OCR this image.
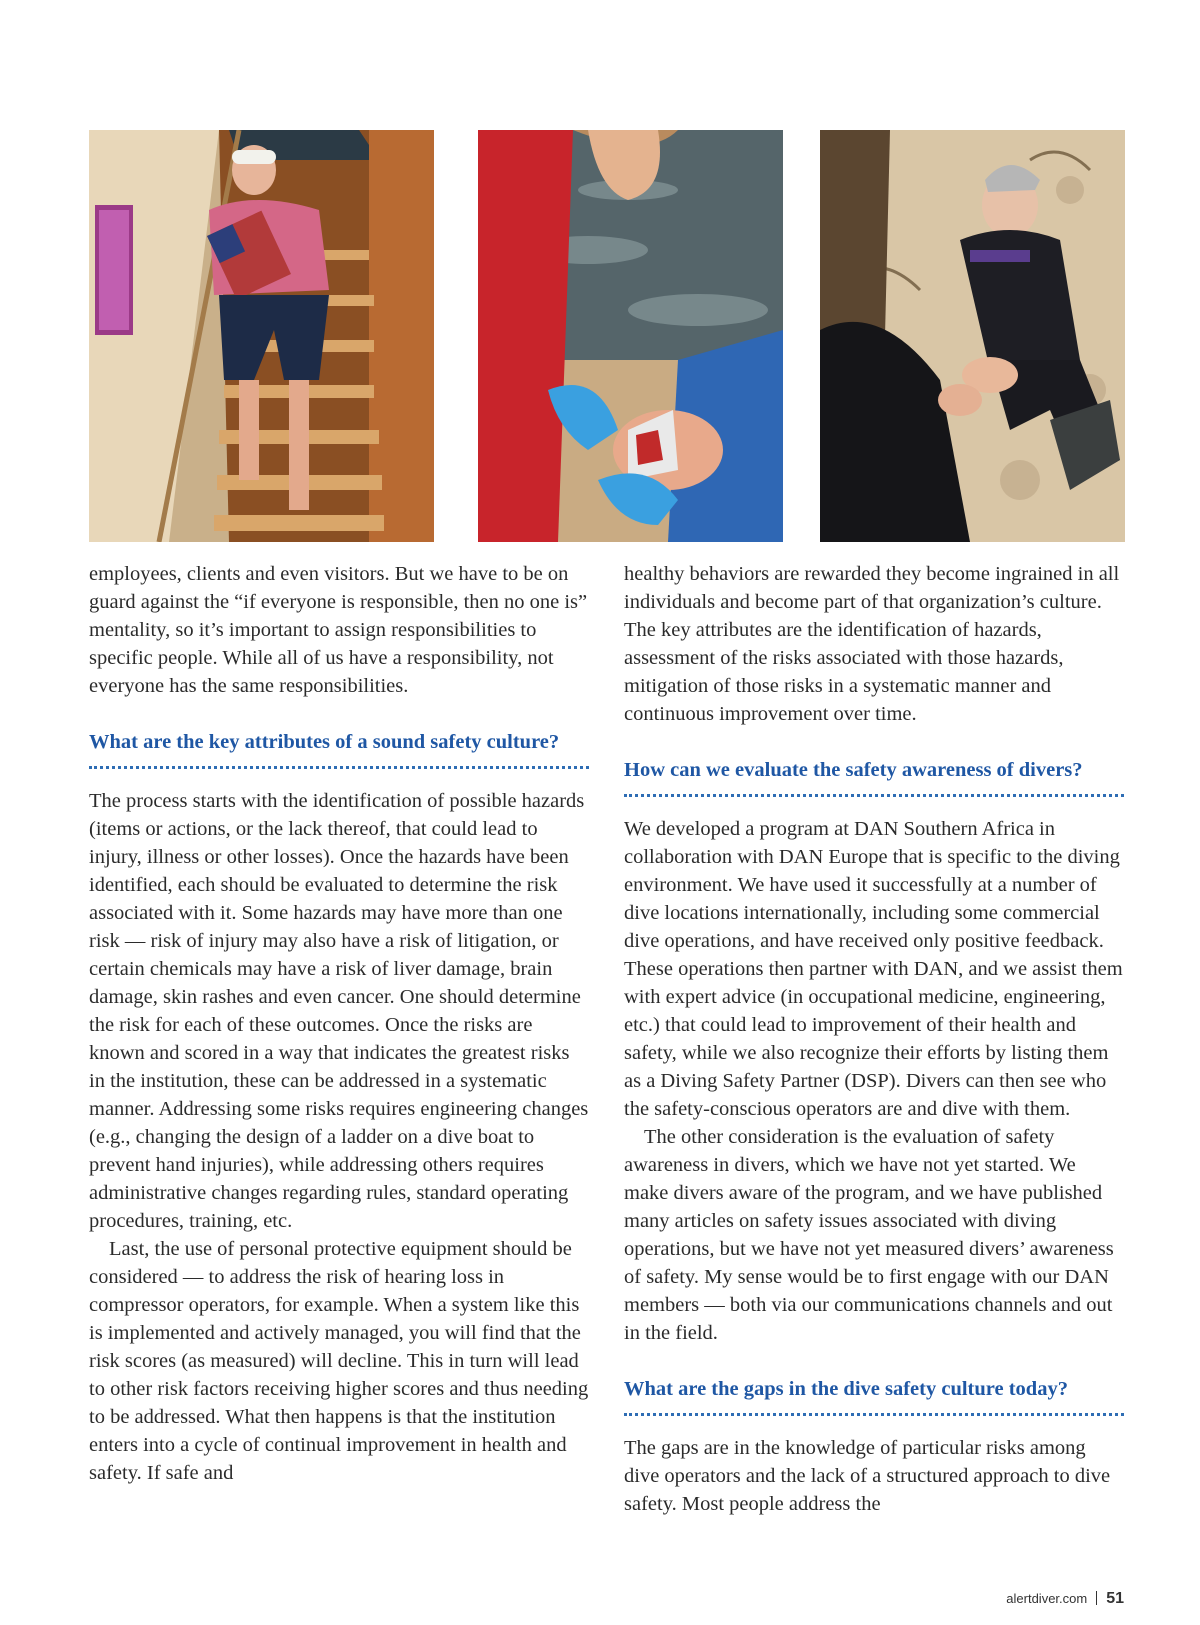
employees, clients and even visitors. But we have to be on guard against the “if everyone is responsible, then no one is” mentality, so it’s important to assign responsibilities to specific people. While all of us have a responsibility, not everyone has the same responsibilities.

What are the key attributes of a sound safety culture?

The process starts with the identification of possible hazards (items or actions, or the lack thereof, that could lead to injury, illness or other losses). Once the hazards have been identified, each should be evaluated to determine the risk associated with it. Some hazards may have more than one risk — risk of injury may also have a risk of litigation, or certain chemicals may have a risk of liver damage, brain damage, skin rashes and even cancer. One should determine the risk for each of these outcomes. Once the risks are known and scored in a way that indicates the greatest risks in the institution, these can be addressed in a systematic manner. Addressing some risks requires engineering changes (e.g., changing the design of a ladder on a dive boat to prevent hand injuries), while addressing others requires administrative changes regarding rules, standard operating procedures, training, etc.

Last, the use of personal protective equipment should be considered — to address the risk of hearing loss in compressor operators, for example. When a system like this is implemented and actively managed, you will find that the risk scores (as measured) will decline. This in turn will lead to other risk factors receiving higher scores and thus needing to be addressed. What then happens is that the institution enters into a cycle of continual improvement in health and safety. If safe and

healthy behaviors are rewarded they become ingrained in all individuals and become part of that organization’s culture. The key attributes are the identification of hazards, assessment of the risks associated with those hazards, mitigation of those risks in a systematic manner and continuous improvement over time.

How can we evaluate the safety awareness of divers?

We developed a program at DAN Southern Africa in collaboration with DAN Europe that is specific to the diving environment. We have used it successfully at a number of dive locations internationally, including some commercial dive operations, and have received only positive feedback. These operations then partner with DAN, and we assist them with expert advice (in occupational medicine, engineering, etc.) that could lead to improvement of their health and safety, while we also recognize their efforts by listing them as a Diving Safety Partner (DSP). Divers can then see who the safety-conscious operators are and dive with them.

The other consideration is the evaluation of safety awareness in divers, which we have not yet started. We make divers aware of the program, and we have published many articles on safety issues associated with diving operations, but we have not yet measured divers’ awareness of safety. My sense would be to first engage with our DAN members — both via our communications channels and out in the field.

What are the gaps in the dive safety culture today?

The gaps are in the knowledge of particular risks among dive operators and the lack of a structured approach to dive safety. Most people address the

alertdiver.com 51
